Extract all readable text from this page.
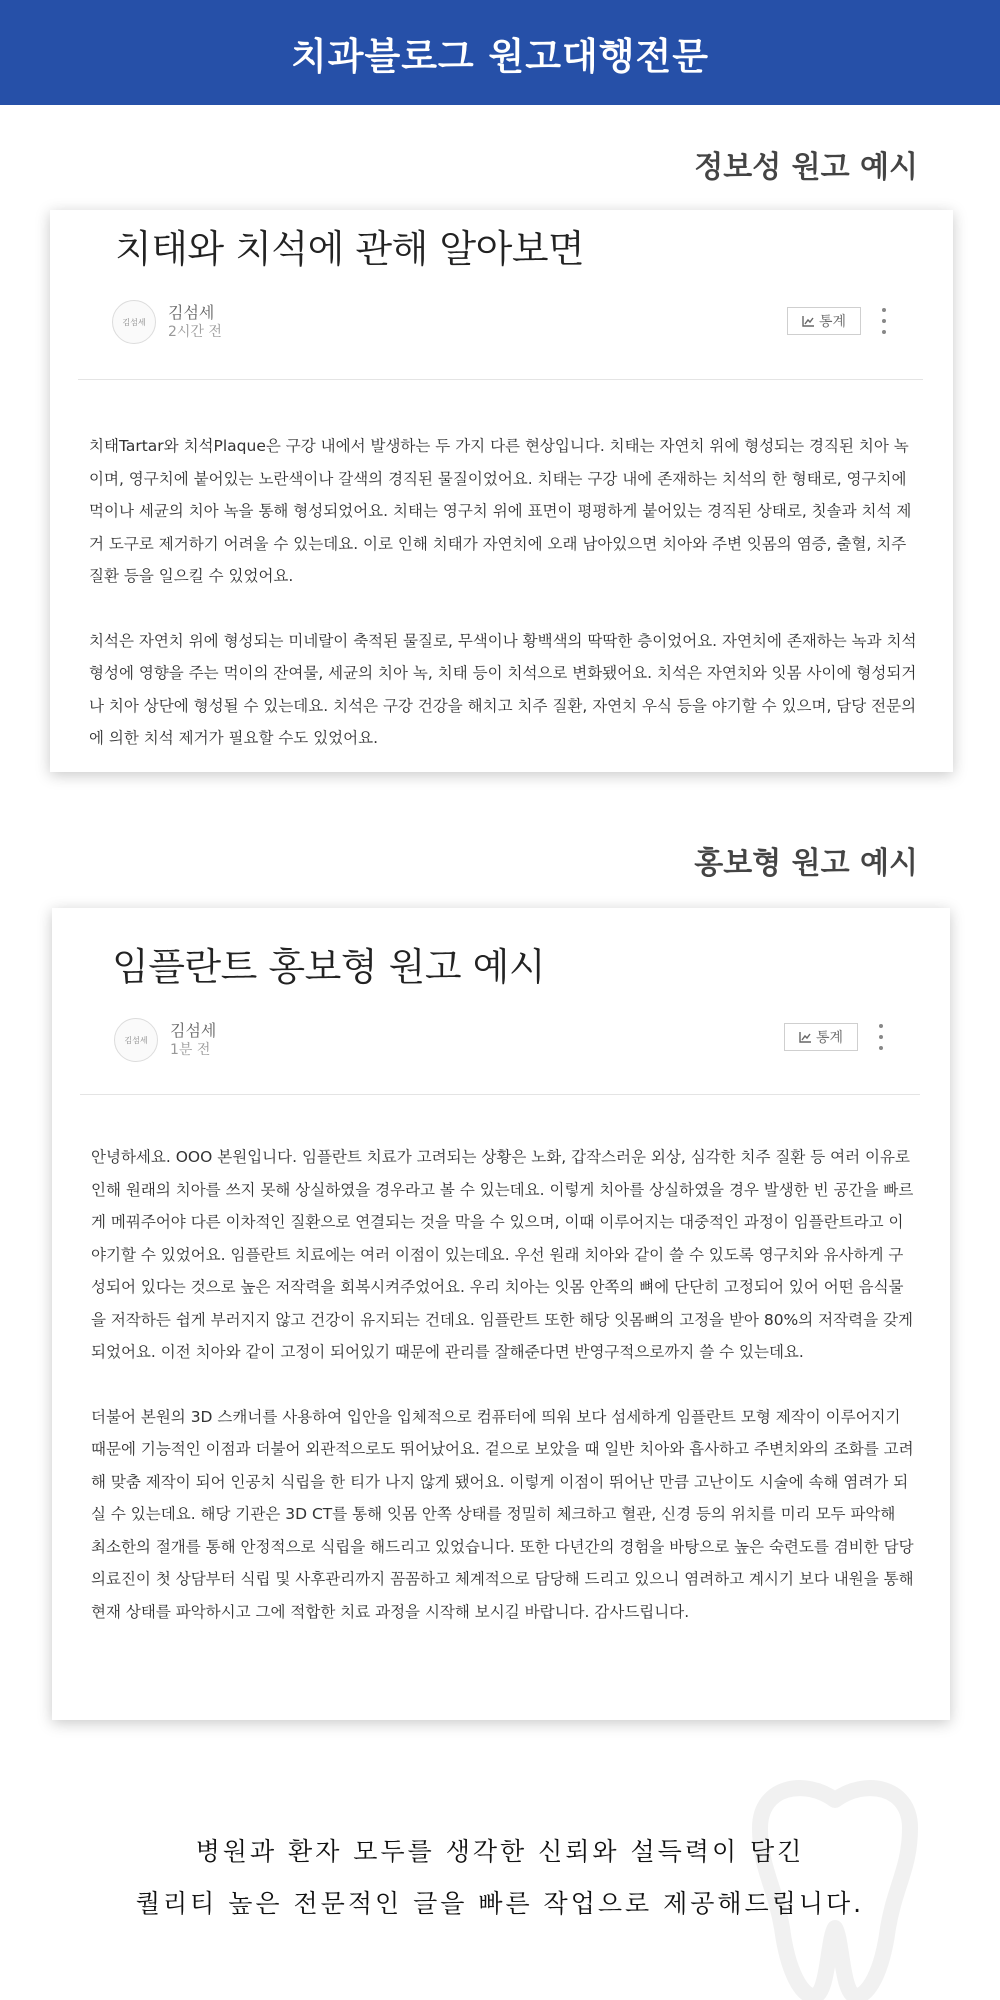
치과블로그 원고대행전문
정보성 원고 예시
치태와 치석에 관해 알아보면
김섬세
김섬세
2시간 전
통계

치태Tartar와 치석Plaque은 구강 내에서 발생하는 두 가지 다른 현상입니다. 치태는 자연치 위에 형성되는 경직된 치아 녹이며, 영구치에 붙어있는 노란색이나 갈색의 경직된 물질이었어요. 치태는 구강 내에 존재하는 치석의 한 형태로, 영구치에 먹이나 세균의 치아 녹을 통해 형성되었어요. 치태는 영구치 위에 표면이 평평하게 붙어있는 경직된 상태로, 칫솔과 치석 제거 도구로 제거하기 어려울 수 있는데요. 이로 인해 치태가 자연치에 오래 남아있으면 치아와 주변 잇몸의 염증, 출혈, 치주 질환 등을 일으킬 수 있었어요.

치석은 자연치 위에 형성되는 미네랄이 축적된 물질로, 무색이나 황백색의 딱딱한 층이었어요. 자연치에 존재하는 녹과 치석 형성에 영향을 주는 먹이의 잔여물, 세균의 치아 녹, 치태 등이 치석으로 변화됐어요. 치석은 자연치와 잇몸 사이에 형성되거나 치아 상단에 형성될 수 있는데요. 치석은 구강 건강을 해치고 치주 질환, 자연치 우식 등을 야기할 수 있으며, 담당 전문의에 의한 치석 제거가 필요할 수도 있었어요.

홍보형 원고 예시
임플란트 홍보형 원고 예시
김섬세
김섬세
1분 전
통계

안녕하세요. OOO 본원입니다. 임플란트 치료가 고려되는 상황은 노화, 갑작스러운 외상, 심각한 치주 질환 등 여러 이유로 인해 원래의 치아를 쓰지 못해 상실하였을 경우라고 볼 수 있는데요. 이렇게 치아를 상실하였을 경우 발생한 빈 공간을 빠르게 메꿔주어야 다른 이차적인 질환으로 연결되는 것을 막을 수 있으며, 이때 이루어지는 대중적인 과정이 임플란트라고 이야기할 수 있었어요. 임플란트 치료에는 여러 이점이 있는데요. 우선 원래 치아와 같이 쓸 수 있도록 영구치와 유사하게 구성되어 있다는 것으로 높은 저작력을 회복시켜주었어요. 우리 치아는 잇몸 안쪽의 뼈에 단단히 고정되어 있어 어떤 음식물을 저작하든 쉽게 부러지지 않고 건강이 유지되는 건데요. 임플란트 또한 해당 잇몸뼈의 고정을 받아 80%의 저작력을 갖게 되었어요. 이전 치아와 같이 고정이 되어있기 때문에 관리를 잘해준다면 반영구적으로까지 쓸 수 있는데요.

더불어 본원의 3D 스캐너를 사용하여 입안을 입체적으로 컴퓨터에 띄워 보다 섬세하게 임플란트 모형 제작이 이루어지기 때문에 기능적인 이점과 더불어 외관적으로도 뛰어났어요. 겉으로 보았을 때 일반 치아와 흡사하고 주변치와의 조화를 고려해 맞춤 제작이 되어 인공치 식립을 한 티가 나지 않게 됐어요. 이렇게 이점이 뛰어난 만큼 고난이도 시술에 속해 염려가 되실 수 있는데요. 해당 기관은 3D CT를 통해 잇몸 안쪽 상태를 정밀히 체크하고 혈관, 신경 등의 위치를 미리 모두 파악해 최소한의 절개를 통해 안정적으로 식립을 해드리고 있었습니다. 또한 다년간의 경험을 바탕으로 높은 숙련도를 겸비한 담당 의료진이 첫 상담부터 식립 및 사후관리까지 꼼꼼하고 체계적으로 담당해 드리고 있으니 염려하고 계시기 보다 내원을 통해 현재 상태를 파악하시고 그에 적합한 치료 과정을 시작해 보시길 바랍니다. 감사드립니다.

병원과 환자 모두를 생각한 신뢰와 설득력이 담긴

퀄리티 높은 전문적인 글을 빠른 작업으로 제공해드립니다.
